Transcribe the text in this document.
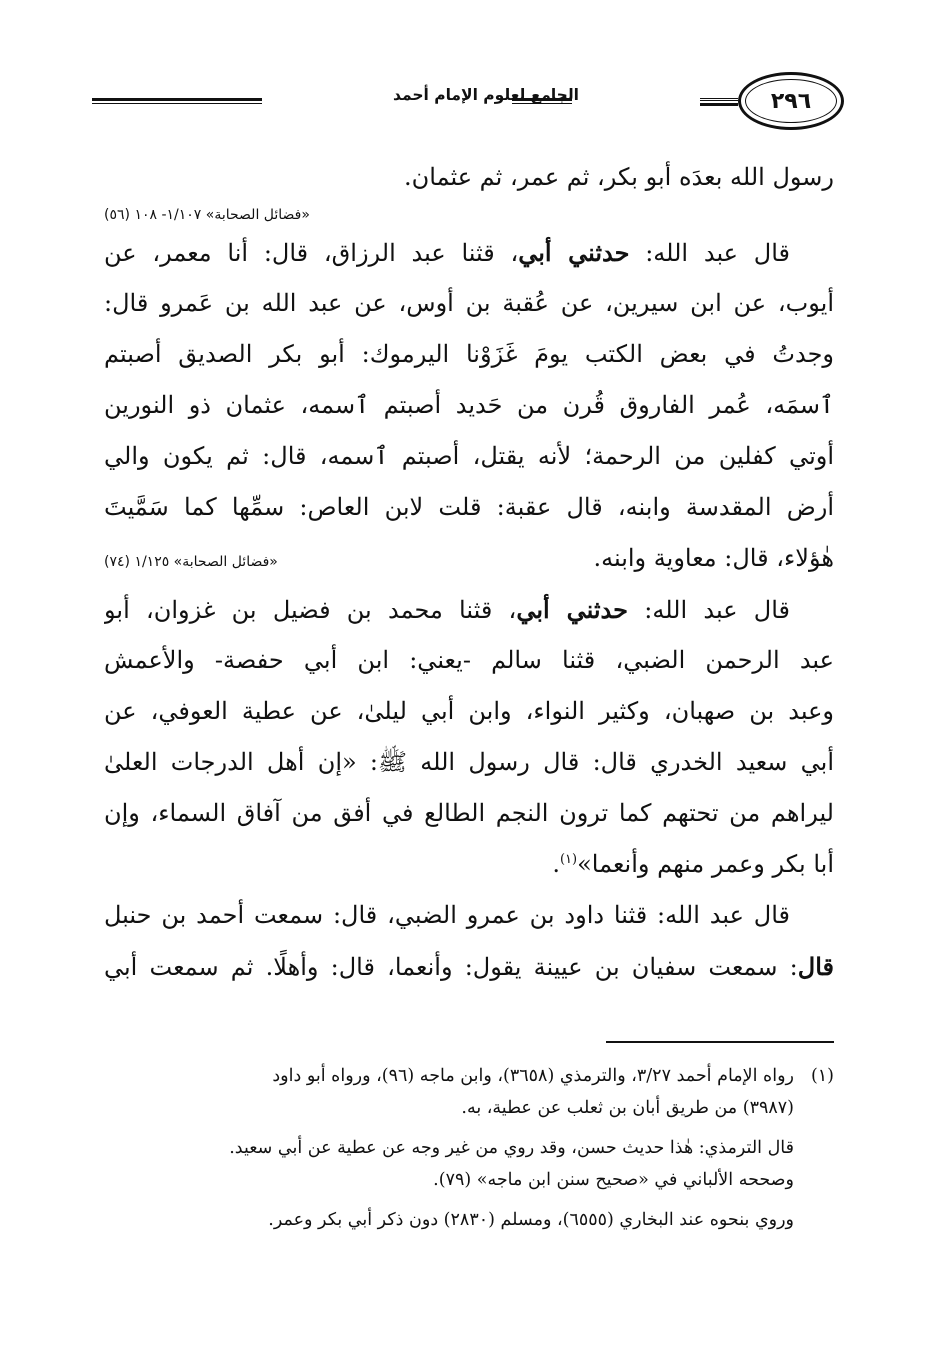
٢٩٦
الجامع لعلوم الإمام أحمد
رسول الله بعدَه أبو بكر، ثم عمر، ثم عثمان.
«فضائل الصحابة» ١/١٠٧- ١٠٨ (٥٦)
قال عبد الله: حدثني أبي، قثنا عبد الرزاق، قال: أنا معمر، عن
أيوب، عن ابن سيرين، عن عُقبة بن أوس، عن عبد الله بن عَمرو قال:
وجدتُ في بعض الكتب يومَ غَزَوْنا اليرموك: أبو بكر الصديق أصبتم
ٱسمَه، عُمر الفاروق قُرن من حَديد أصبتم ٱسمه، عثمان ذو النورين
أوتي كفلين من الرحمة؛ لأنه يقتل، أصبتم ٱسمه، قال: ثم يكون والي
أرض المقدسة وابنه، قال عقبة: قلت لابن العاص: سمِّها كما سَمَّيتَ
هٰؤلاء، قال: معاوية وابنه.
«فضائل الصحابة» ١/١٢٥ (٧٤)
قال عبد الله: حدثني أبي، قثنا محمد بن فضيل بن غزوان، أبو
عبد الرحمن الضبي، قثنا سالم -يعني: ابن أبي حفصة- والأعمش
وعبد بن صهبان، وكثير النواء، وابن أبي ليلىٰ، عن عطية العوفي، عن
أبي سعيد الخدري قال: قال رسول الله ﷺ: «إن أهل الدرجات العلىٰ
ليراهم من تحتهم كما ترون النجم الطالع في أفق من آفاق السماء، وإن
أبا بكر وعمر منهم وأنعما»$^{(١)}$.
قال عبد الله: قثنا داود بن عمرو الضبي، قال: سمعت أحمد بن حنبل
قال: سمعت سفيان بن عيينة يقول: وأنعما، قال: وأهلًا. ثم سمعت أبي
(١)رواه الإمام أحمد ٣/٢٧، والترمذي (٣٦٥٨)، وابن ماجه (٩٦)، ورواه أبو داود
(٣٩٨٧) من طريق أبان بن ثعلب عن عطية، به.
قال الترمذي: هٰذا حديث حسن، وقد روي من غير وجه عن عطية عن أبي سعيد.
وصححه الألباني في «صحيح سنن ابن ماجه» (٧٩).
وروي بنحوه عند البخاري (٦٥٥٥)، ومسلم (٢٨٣٠) دون ذكر أبي بكر وعمر.
